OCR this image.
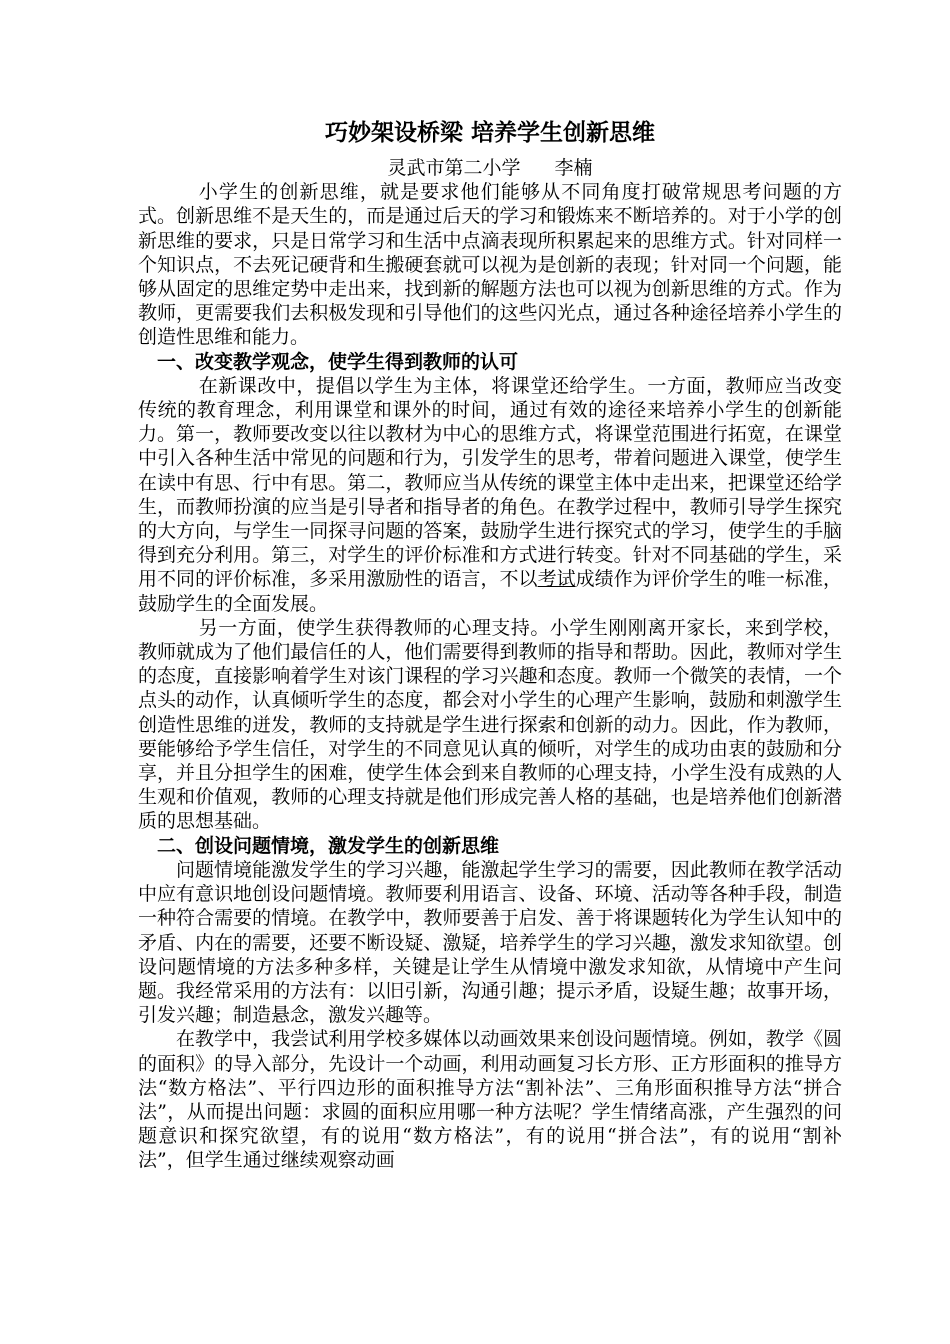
巧妙架设桥梁 培养学生创新思维

灵武市第二小学 李楠

小学生的创新思维，就是要求他们能够从不同角度打破常规思考问题的方式。创新思维不是天生的，而是通过后天的学习和锻炼来不断培养的。对于小学的创新思维的要求，只是日常学习和生活中点滴表现所积累起来的思维方式。针对同样一个知识点，不去死记硬背和生搬硬套就可以视为是创新的表现；针对同一个问题，能够从固定的思维定势中走出来，找到新的解题方法也可以视为创新思维的方式。作为教师，更需要我们去积极发现和引导他们的这些闪光点，通过各种途径培养小学生的创造性思维和能力。

一、改变教学观念，使学生得到教师的认可

在新课改中，提倡以学生为主体，将课堂还给学生。一方面，教师应当改变传统的教育理念，利用课堂和课外的时间，通过有效的途径来培养小学生的创新能力。第一，教师要改变以往以教材为中心的思维方式，将课堂范围进行拓宽，在课堂中引入各种生活中常见的问题和行为，引发学生的思考，带着问题进入课堂，使学生在读中有思、行中有思。第二，教师应当从传统的课堂主体中走出来，把课堂还给学生，而教师扮演的应当是引导者和指导者的角色。在教学过程中，教师引导学生探究的大方向，与学生一同探寻问题的答案，鼓励学生进行探究式的学习，使学生的手脑得到充分利用。第三，对学生的评价标准和方式进行转变。针对不同基础的学生，采用不同的评价标准，多采用激励性的语言，不以考试成绩作为评价学生的唯一标准，鼓励学生的全面发展。

另一方面，使学生获得教师的心理支持。小学生刚刚离开家长，来到学校，教师就成为了他们最信任的人，他们需要得到教师的指导和帮助。因此，教师对学生的态度，直接影响着学生对该门课程的学习兴趣和态度。教师一个微笑的表情，一个点头的动作，认真倾听学生的态度，都会对小学生的心理产生影响，鼓励和刺激学生创造性思维的迸发，教师的支持就是学生进行探索和创新的动力。因此，作为教师，要能够给予学生信任，对学生的不同意见认真的倾听，对学生的成功由衷的鼓励和分享，并且分担学生的困难，使学生体会到来自教师的心理支持，小学生没有成熟的人生观和价值观，教师的心理支持就是他们形成完善人格的基础，也是培养他们创新潜质的思想基础。

二、创设问题情境，激发学生的创新思维

问题情境能激发学生的学习兴趣，能激起学生学习的需要，因此教师在教学活动中应有意识地创设问题情境。教师要利用语言、设备、环境、活动等各种手段，制造一种符合需要的情境。在教学中，教师要善于启发、善于将课题转化为学生认知中的矛盾、内在的需要，还要不断设疑、激疑，培养学生的学习兴趣，激发求知欲望。创设问题情境的方法多种多样，关键是让学生从情境中激发求知欲，从情境中产生问题。我经常采用的方法有：以旧引新，沟通引趣；提示矛盾，设疑生趣；故事开场，引发兴趣；制造悬念，激发兴趣等。

在教学中，我尝试利用学校多媒体以动画效果来创设问题情境。例如，教学《圆的面积》的导入部分，先设计一个动画，利用动画复习长方形、正方形面积的推导方法“数方格法”、平行四边形的面积推导方法“割补法”、三角形面积推导方法“拼合法”，从而提出问题：求圆的面积应用哪一种方法呢？学生情绪高涨，产生强烈的问题意识和探究欲望，有的说用“数方格法”，有的说用“拼合法”，有的说用“割补法”，但学生通过继续观察动画
